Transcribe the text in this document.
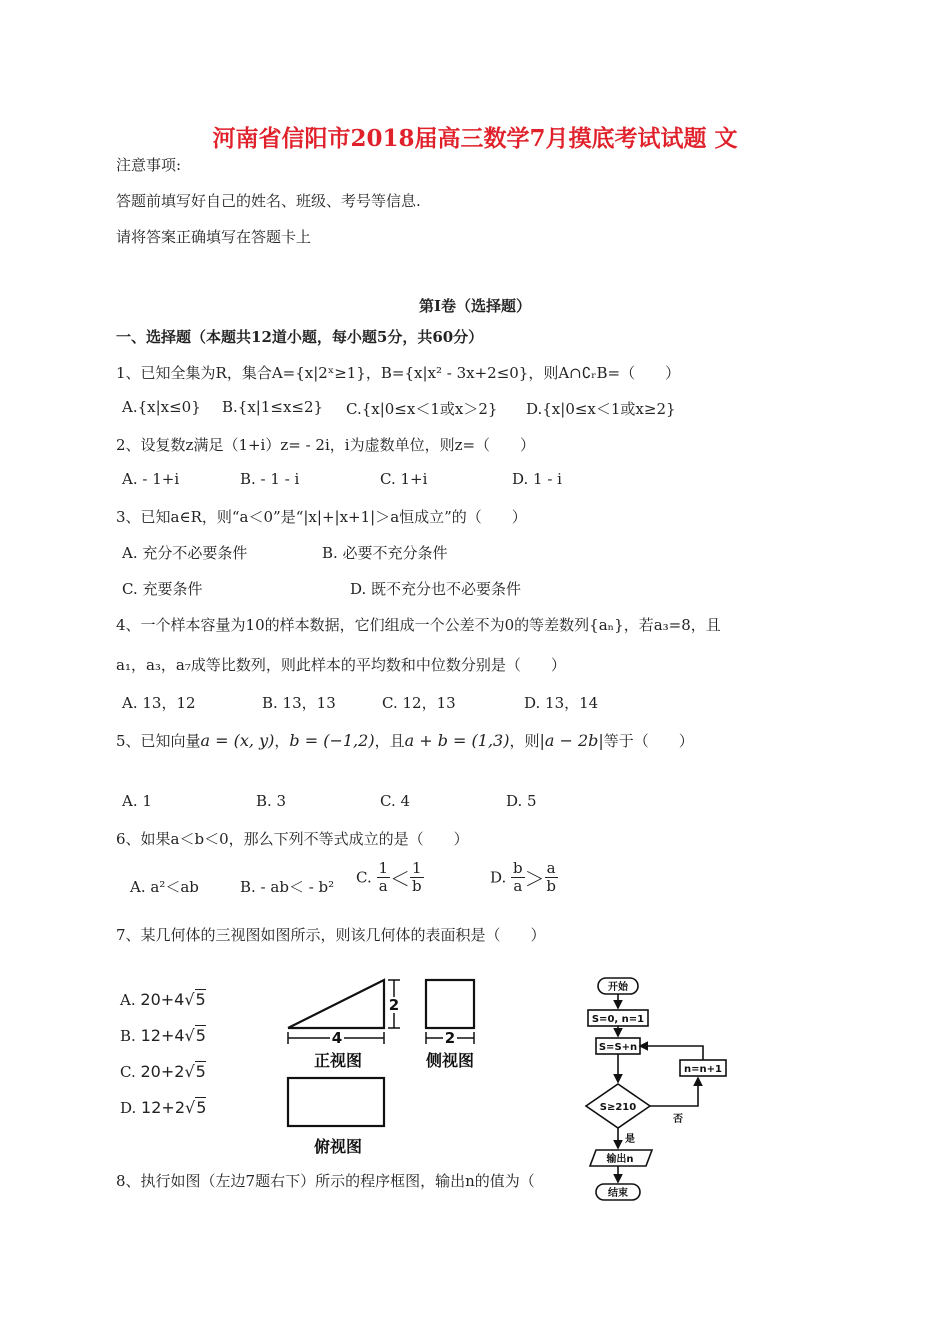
河南省信阳市2018届高三数学7月摸底考试试题 文
注意事项:
答题前填写好自己的姓名、班级、考号等信息.
请将答案正确填写在答题卡上
第I卷（选择题）
一、选择题（本题共12道小题，每小题5分，共60分）
1、已知全集为R，集合A={x|2ˣ≥1}，B={x|x² - 3x+2≤0}，则A∩∁ᵣB=（　　）
A.{x|x≤0} B.{x|1≤x≤2} C.{x|0≤x＜1或x＞2} D.{x|0≤x＜1或x≥2}
2、设复数z满足（1+i）z= - 2i，i为虚数单位，则z=（　　）
A. - 1+i	B. - 1 - i	C. 1+i	D. 1 - i
3、已知a∈R，则“a＜0”是“|x|+|x+1|＞a恒成立”的（　　）
A. 充分不必要条件	B. 必要不充分条件
C. 充要条件	D. 既不充分也不必要条件
4、一个样本容量为10的样本数据，它们组成一个公差不为0的等差数列{aₙ}，若a₃=8，且
a₁，a₃，a₇成等比数列，则此样本的平均数和中位数分别是（　　）
A. 13，12	B. 13，13	C. 12，13	D. 13，14
5、已知向量a = (x, y)，b = (−1,2)，且a + b = (1,3)，则|a − 2b|等于（　　）
A. 1	B. 3	C. 4	D. 5
6、如果a＜b＜0，那么下列不等式成立的是（　　）
A. a²＜ab	B. - ab＜ - b²
C. $\frac{1}{a} < \frac{1}{b}$	D. $\frac{b}{a} > \frac{a}{b}$
7、某几何体的三视图如图所示，则该几何体的表面积是（　　）
A. 20+4√5
B. 12+4√5
C. 20+2√5
D. 12+2√5
4
2
2
正视图	侧视图
俯视图
开始
S=0, n=1
S=S+n
S≥210
否
n=n+1
是
输出n
结束
8、执行如图（左边7题右下）所示的程序框图，输出n的值为（
